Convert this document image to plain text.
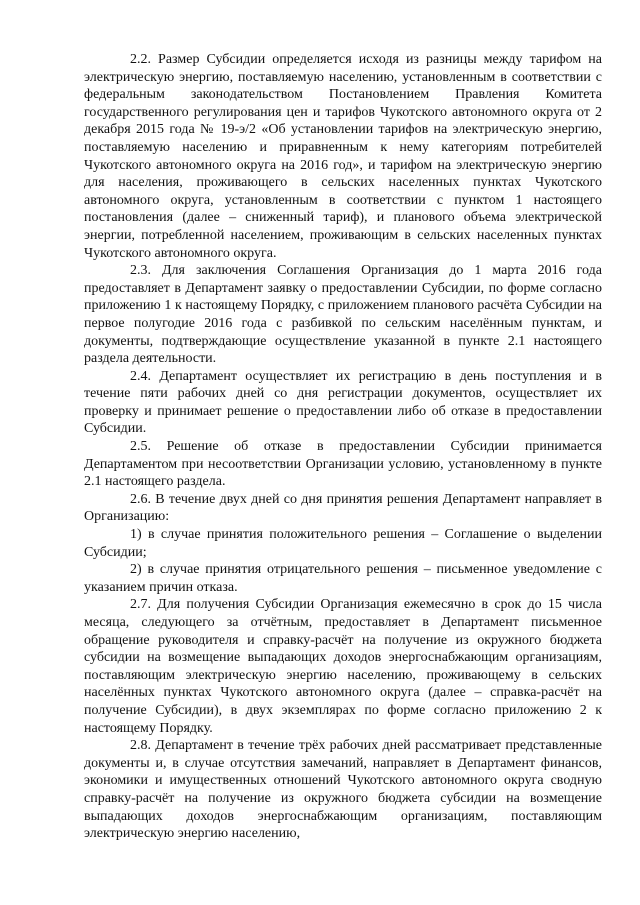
2.2. Размер Субсидии определяется исходя из разницы между тарифом на электрическую энергию, поставляемую населению, установленным в соответствии с федеральным законодательством Постановлением Правления Комитета государственного регулирования цен и тарифов Чукотского автономного округа от 2 декабря 2015 года № 19-э/2 «Об установлении тарифов на электрическую энергию, поставляемую населению и приравненным к нему категориям потребителей Чукотского автономного округа на 2016 год», и тарифом на электрическую энергию для населения, проживающего в сельских населенных пунктах Чукотского автономного округа, установленным в соответствии с пунктом 1 настоящего постановления (далее – сниженный тариф), и планового объема электрической энергии, потребленной населением, проживающим в сельских населенных пунктах Чукотского автономного округа.

2.3. Для заключения Соглашения Организация до 1 марта 2016 года предоставляет в Департамент заявку о предоставлении Субсидии, по форме согласно приложению 1 к настоящему Порядку, с приложением планового расчёта Субсидии на первое полугодие 2016 года с разбивкой по сельским населённым пунктам, и документы, подтверждающие осуществление указанной в пункте 2.1 настоящего раздела деятельности.

2.4. Департамент осуществляет их регистрацию в день поступления и в течение пяти рабочих дней со дня регистрации документов, осуществляет их проверку и принимает решение о предоставлении либо об отказе в предоставлении Субсидии.

2.5. Решение об отказе в предоставлении Субсидии принимается Департаментом при несоответствии Организации условию, установленному в пункте 2.1 настоящего раздела.

2.6. В течение двух дней со дня принятия решения Департамент направляет в Организацию:

1) в случае принятия положительного решения – Соглашение о выделении Субсидии;

2) в случае принятия отрицательного решения – письменное уведомление с указанием причин отказа.

2.7. Для получения Субсидии Организация ежемесячно в срок до 15 числа месяца, следующего за отчётным, предоставляет в Департамент письменное обращение руководителя и справку-расчёт на получение из окружного бюджета субсидии на возмещение выпадающих доходов энергоснабжающим организациям, поставляющим электрическую энергию населению, проживающему в сельских населённых пунктах Чукотского автономного округа (далее – справка-расчёт на получение Субсидии), в двух экземплярах по форме согласно приложению 2 к настоящему Порядку.

2.8. Департамент в течение трёх рабочих дней рассматривает представленные документы и, в случае отсутствия замечаний, направляет в Департамент финансов, экономики и имущественных отношений Чукотского автономного округа сводную справку-расчёт на получение из окружного бюджета субсидии на возмещение выпадающих доходов энергоснабжающим организациям, поставляющим электрическую энергию населению,
